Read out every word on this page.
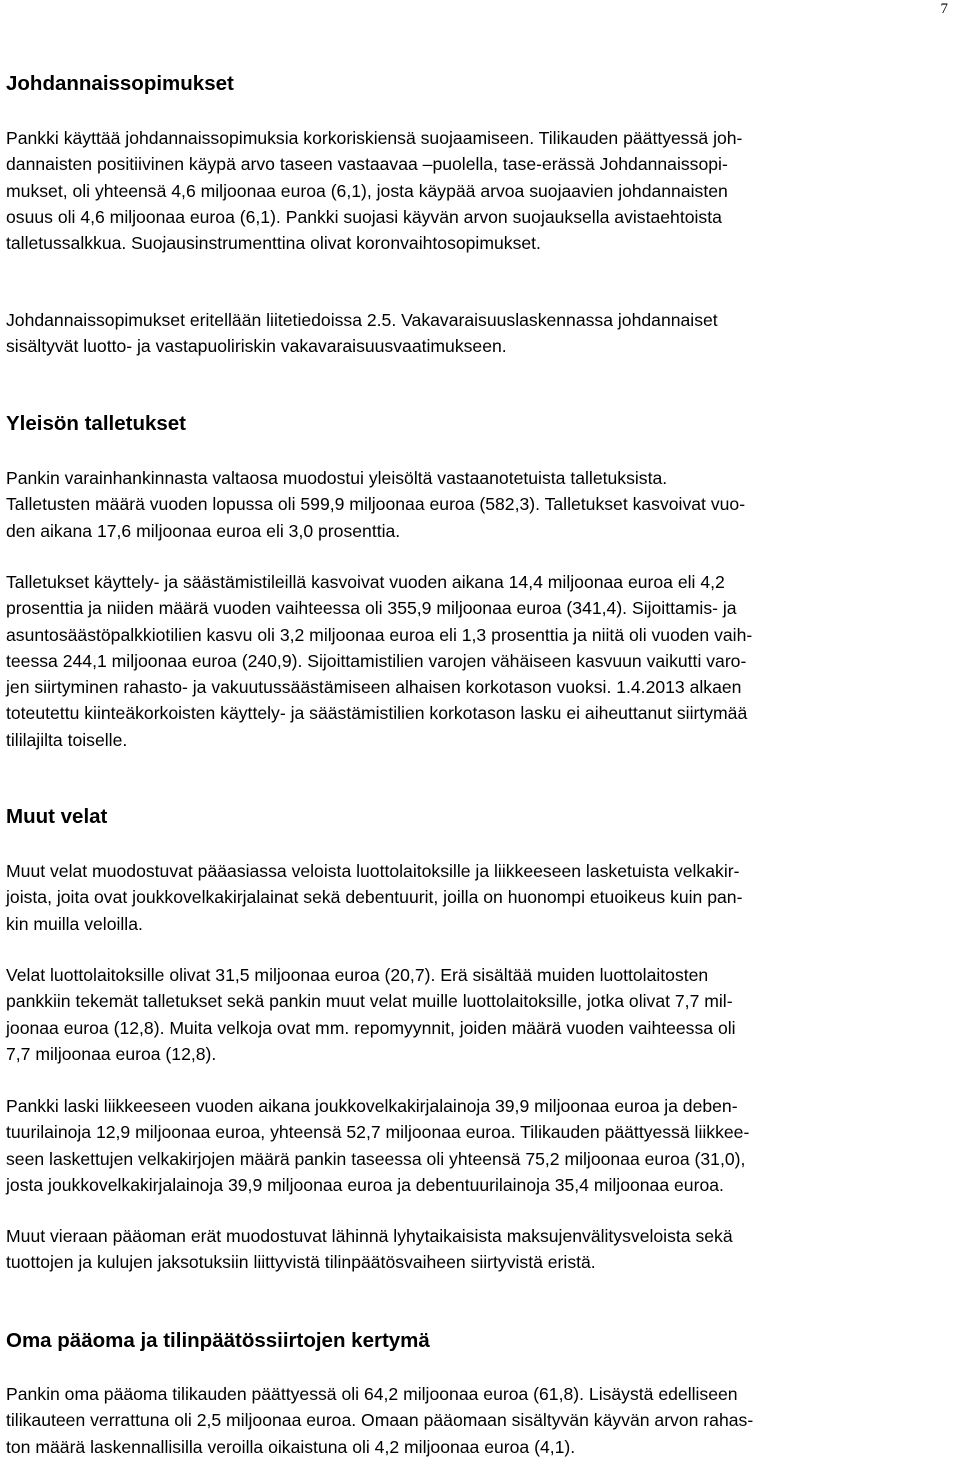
7
Johdannaissopimukset
Pankki käyttää johdannaissopimuksia korkoriskiensä suojaamiseen. Tilikauden päättyessä joh-
dannaisten positiivinen käypä arvo taseen vastaavaa –puolella, tase-erässä Johdannaissopi-
mukset, oli yhteensä 4,6 miljoonaa euroa (6,1), josta käypää arvoa suojaavien johdannaisten
osuus oli 4,6 miljoonaa euroa (6,1). Pankki suojasi käyvän arvon suojauksella avistaehtoista
talletussalkkua. Suojausinstrumenttina olivat koronvaihtosopimukset.
Johdannaissopimukset eritellään liitetiedoissa 2.5. Vakavaraisuuslaskennassa johdannaiset
sisältyvät luotto- ja vastapuoliriskin vakavaraisuusvaatimukseen.
Yleisön talletukset
Pankin varainhankinnasta valtaosa muodostui yleisöltä vastaanotetuista talletuksista.
Talletusten määrä vuoden lopussa oli 599,9 miljoonaa euroa (582,3). Talletukset kasvoivat vuo-
den aikana 17,6 miljoonaa euroa eli 3,0 prosenttia.
Talletukset käyttely- ja säästämistileillä kasvoivat vuoden aikana 14,4 miljoonaa euroa eli 4,2
prosenttia ja niiden määrä vuoden vaihteessa oli 355,9 miljoonaa euroa (341,4). Sijoittamis- ja
asuntosäästöpalkkiotilien kasvu oli 3,2 miljoonaa euroa eli 1,3 prosenttia ja niitä oli vuoden vaih-
teessa 244,1 miljoonaa euroa (240,9). Sijoittamistilien varojen vähäiseen kasvuun vaikutti varo-
jen siirtyminen rahasto- ja vakuutussäästämiseen alhaisen korkotason vuoksi. 1.4.2013 alkaen
toteutettu kiinteäkorkoisten käyttely- ja säästämistilien korkotason lasku ei aiheuttanut siirtymää
tililajilta toiselle.
Muut velat
Muut velat muodostuvat pääasiassa veloista luottolaitoksille ja liikkeeseen lasketuista velkakir-
joista, joita ovat joukkovelkakirjalainat sekä debentuurit, joilla on huonompi etuoikeus kuin pan-
kin muilla veloilla.
Velat luottolaitoksille olivat 31,5 miljoonaa euroa (20,7). Erä sisältää muiden luottolaitosten
pankkiin tekemät talletukset sekä pankin muut velat muille luottolaitoksille, jotka olivat 7,7 mil-
joonaa euroa (12,8). Muita velkoja ovat mm. repomyynnit, joiden määrä vuoden vaihteessa oli
7,7 miljoonaa euroa (12,8).
Pankki laski liikkeeseen vuoden aikana joukkovelkakirjalainoja 39,9 miljoonaa euroa ja deben-
tuurilainoja 12,9 miljoonaa euroa, yhteensä 52,7 miljoonaa euroa. Tilikauden päättyessä liikkee-
seen laskettujen velkakirjojen määrä pankin taseessa oli yhteensä 75,2 miljoonaa euroa (31,0),
josta joukkovelkakirjalainoja 39,9 miljoonaa euroa ja debentuurilainoja 35,4 miljoonaa euroa.
Muut vieraan pääoman erät muodostuvat lähinnä lyhytaikaisista maksujenvälitysveloista sekä
tuottojen ja kulujen jaksotuksiin liittyvistä tilinpäätösvaiheen siirtyvistä eristä.
Oma pääoma ja tilinpäätössiirtojen kertymä
Pankin oma pääoma tilikauden päättyessä oli 64,2 miljoonaa euroa (61,8). Lisäystä edelliseen
tilikauteen verrattuna oli 2,5 miljoonaa euroa. Omaan pääomaan sisältyvän käyvän arvon rahas-
ton määrä laskennallisilla veroilla oikaistuna oli 4,2 miljoonaa euroa (4,1).
